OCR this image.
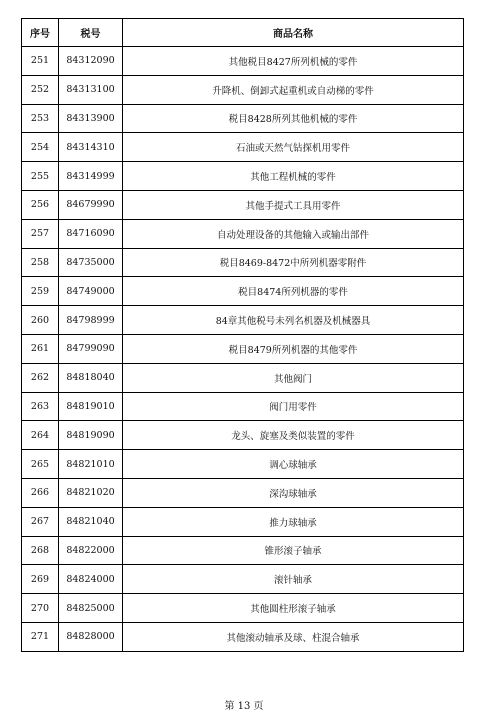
序号	税号	商品名称
251	84312090	其他税目8427所列机械的零件
252	84313100	升降机、倒卸式起重机或自动梯的零件
253	84313900	税目8428所列其他机械的零件
254	84314310	石油或天然气钻探机用零件
255	84314999	其他工程机械的零件
256	84679990	其他手提式工具用零件
257	84716090	自动处理设备的其他输入或输出部件
258	84735000	税目8469-8472中所列机器零附件
259	84749000	税目8474所列机器的零件
260	84798999	84章其他税号未列名机器及机械器具
261	84799090	税目8479所列机器的其他零件
262	84818040	其他阀门
263	84819010	阀门用零件
264	84819090	龙头、旋塞及类似装置的零件
265	84821010	调心球轴承
266	84821020	深沟球轴承
267	84821040	推力球轴承
268	84822000	锥形滚子轴承
269	84824000	滚针轴承
270	84825000	其他圆柱形滚子轴承
271	84828000	其他滚动轴承及球、柱混合轴承
第 13 页
